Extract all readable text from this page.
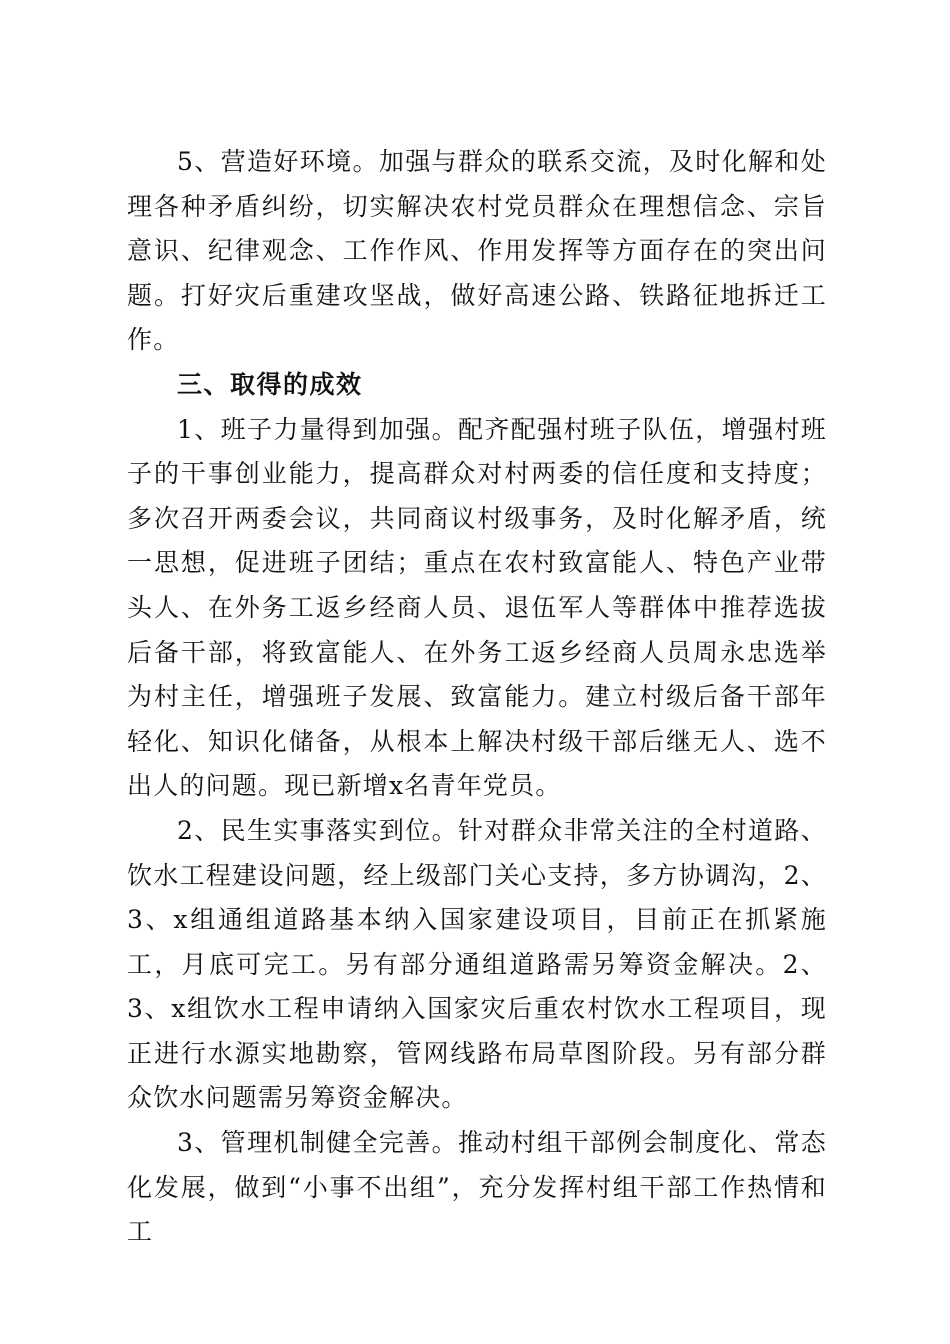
5、营造好环境。加强与群众的联系交流，及时化解和处理各种矛盾纠纷，切实解决农村党员群众在理想信念、宗旨意识、纪律观念、工作作风、作用发挥等方面存在的突出问题。打好灾后重建攻坚战，做好高速公路、铁路征地拆迁工作。

三、取得的成效

1、班子力量得到加强。配齐配强村班子队伍，增强村班子的干事创业能力，提高群众对村两委的信任度和支持度；多次召开两委会议，共同商议村级事务，及时化解矛盾，统一思想，促进班子团结；重点在农村致富能人、特色产业带头人、在外务工返乡经商人员、退伍军人等群体中推荐选拔后备干部，将致富能人、在外务工返乡经商人员周永忠选举为村主任，增强班子发展、致富能力。建立村级后备干部年轻化、知识化储备，从根本上解决村级干部后继无人、选不出人的问题。现已新增x名青年党员。

2、民生实事落实到位。针对群众非常关注的全村道路、饮水工程建设问题，经上级部门关心支持，多方协调沟，2、3、x组通组道路基本纳入国家建设项目，目前正在抓紧施工，月底可完工。另有部分通组道路需另筹资金解决。2、3、x组饮水工程申请纳入国家灾后重农村饮水工程项目，现正进行水源实地勘察，管网线路布局草图阶段。另有部分群众饮水问题需另筹资金解决。

3、管理机制健全完善。推动村组干部例会制度化、常态化发展，做到“小事不出组”，充分发挥村组干部工作热情和工
